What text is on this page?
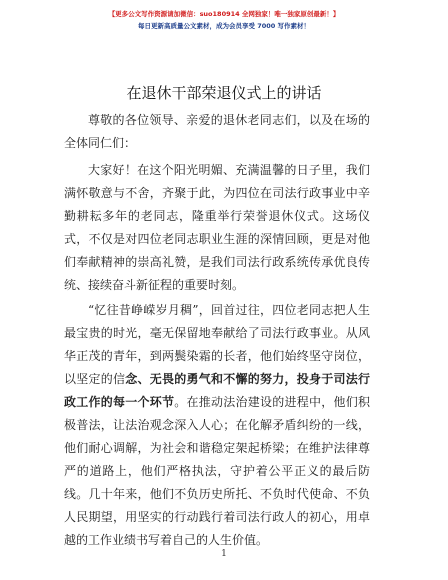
【更多公文写作资源请加微信：suo180914 全网独家！唯一独家原创最新！】
每日更新高质量公文素材，成为会员享受 7000 写作素材！
在退休干部荣退仪式上的讲话

尊敬的各位领导、亲爱的退休老同志们，以及在场的全体同仁们：

大家好！在这个阳光明媚、充满温馨的日子里，我们满怀敬意与不舍，齐聚于此，为四位在司法行政事业中辛勤耕耘多年的老同志，隆重举行荣誉退休仪式。这场仪式，不仅是对四位老同志职业生涯的深情回顾，更是对他们奉献精神的崇高礼赞，是我们司法行政系统传承优良传统、接续奋斗新征程的重要时刻。

“忆往昔峥嵘岁月稠”，回首过往，四位老同志把人生最宝贵的时光，毫无保留地奉献给了司法行政事业。从风华正茂的青年，到两鬓染霜的长者，他们始终坚守岗位，以坚定的信念、无畏的勇气和不懈的努力，投身于司法行政工作的每一个环节。在推动法治建设的进程中，他们积极普法，让法治观念深入人心；在化解矛盾纠纷的一线，他们耐心调解，为社会和谐稳定架起桥梁；在维护法律尊严的道路上，他们严格执法，守护着公平正义的最后防线。几十年来，他们不负历史所托、不负时代使命、不负人民期望，用坚实的行动践行着司法行政人的初心，用卓越的工作业绩书写着自己的人生价值。

1
